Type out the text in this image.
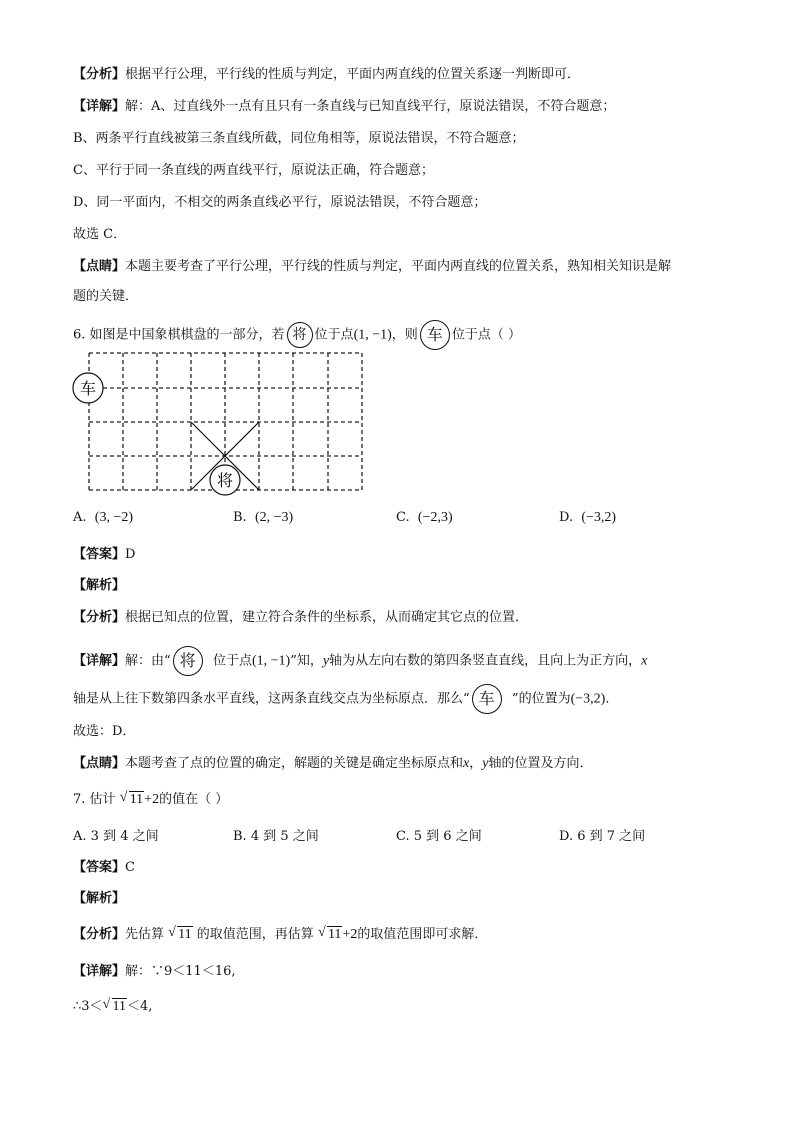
【分析】根据平行公理，平行线的性质与判定，平面内两直线的位置关系逐一判断即可．
【详解】解：A、过直线外一点有且只有一条直线与已知直线平行，原说法错误，不符合题意；
B、两条平行直线被第三条直线所截，同位角相等，原说法错误，不符合题意；
C、平行于同一条直线的两直线平行，原说法正确，符合题意；
D、同一平面内，不相交的两条直线必平行，原说法错误，不符合题意；
故选 C．
【点睛】本题主要考查了平行公理，平行线的性质与判定，平面内两直线的位置关系，熟知相关知识是解
题的关键．
6. 如图是中国象棋棋盘的一部分，若 将 位于点(1, −1)，则 车 位于点（ ）
车
将
A. (3, −2)	B. (2, −3)	C. (−2,3)	D. (−3,2)
【答案】D
【解析】
【分析】根据已知点的位置，建立符合条件的坐标系，从而确定其它点的位置．
【详解】解：由“ 将 位于点(1, −1)”知，y轴为从左向右数的第四条竖直直线，且向上为正方向，x
轴是从上往下数第四条水平直线，这两条直线交点为坐标原点．那么“ 车 ”的位置为(−3,2)．
故选：D．
【点睛】本题考查了点的位置的确定，解题的关键是确定坐标原点和x，y轴的位置及方向．
7. 估计 √ 11+2的值在（ ）
A. 3 到 4 之间	B. 4 到 5 之间	C. 5 到 6 之间	D. 6 到 7 之间
【答案】C
【解析】
【分析】先估算 √ 11 的取值范围，再估算 √ 11+2的取值范围即可求解．
【详解】解：∵9＜11＜16,
∴3＜ √ 11＜4,
